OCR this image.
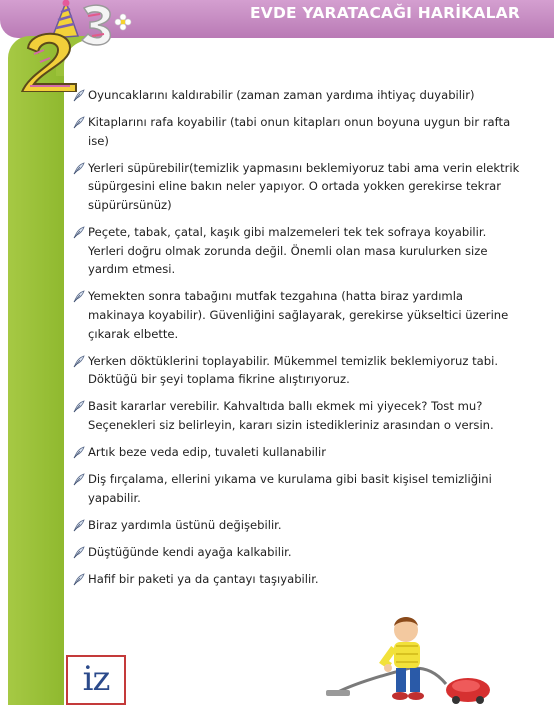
EVDE YARATACAĞI HARİKALAR
Oyuncaklarını kaldırabilir (zaman zaman yardıma ihtiyaç duyabilir)
Kitaplarını rafa koyabilir (tabi onun kitapları onun boyuna uygun bir rafta ise)
Yerleri süpürebilir(temizlik yapmasını beklemiyoruz tabi ama verin elektrik süpürgesini eline bakın neler yapıyor. O ortada yokken gerekirse tekrar süpürürsünüz)
Peçete, tabak, çatal, kaşık gibi malzemeleri tek tek sofraya koyabilir. Yerleri doğru olmak zorunda değil. Önemli olan masa kurulurken size yardım etmesi.
Yemekten sonra tabağını mutfak tezgahına (hatta biraz yardımla makinaya koyabilir). Güvenliğini sağlayarak, gerekirse yükseltici üzerine çıkarak elbette.
Yerken döktüklerini toplayabilir. Mükemmel temizlik beklemiyoruz tabi. Döktüğü bir şeyi toplama fikrine alıştırıyoruz.
Basit kararlar verebilir. Kahvaltıda ballı ekmek mi yiyecek? Tost mu? Seçenekleri siz belirleyin, kararı sizin istedikleriniz arasından o versin.
Artık beze veda edip, tuvaleti kullanabilir
Diş fırçalama, ellerini yıkama ve kurulama gibi basit kişisel temizliğini yapabilir.
Biraz yardımla üstünü değişebilir.
Düştüğünde kendi ayağa kalkabilir.
Hafif bir paketi ya da çantayı taşıyabilir.
iz
